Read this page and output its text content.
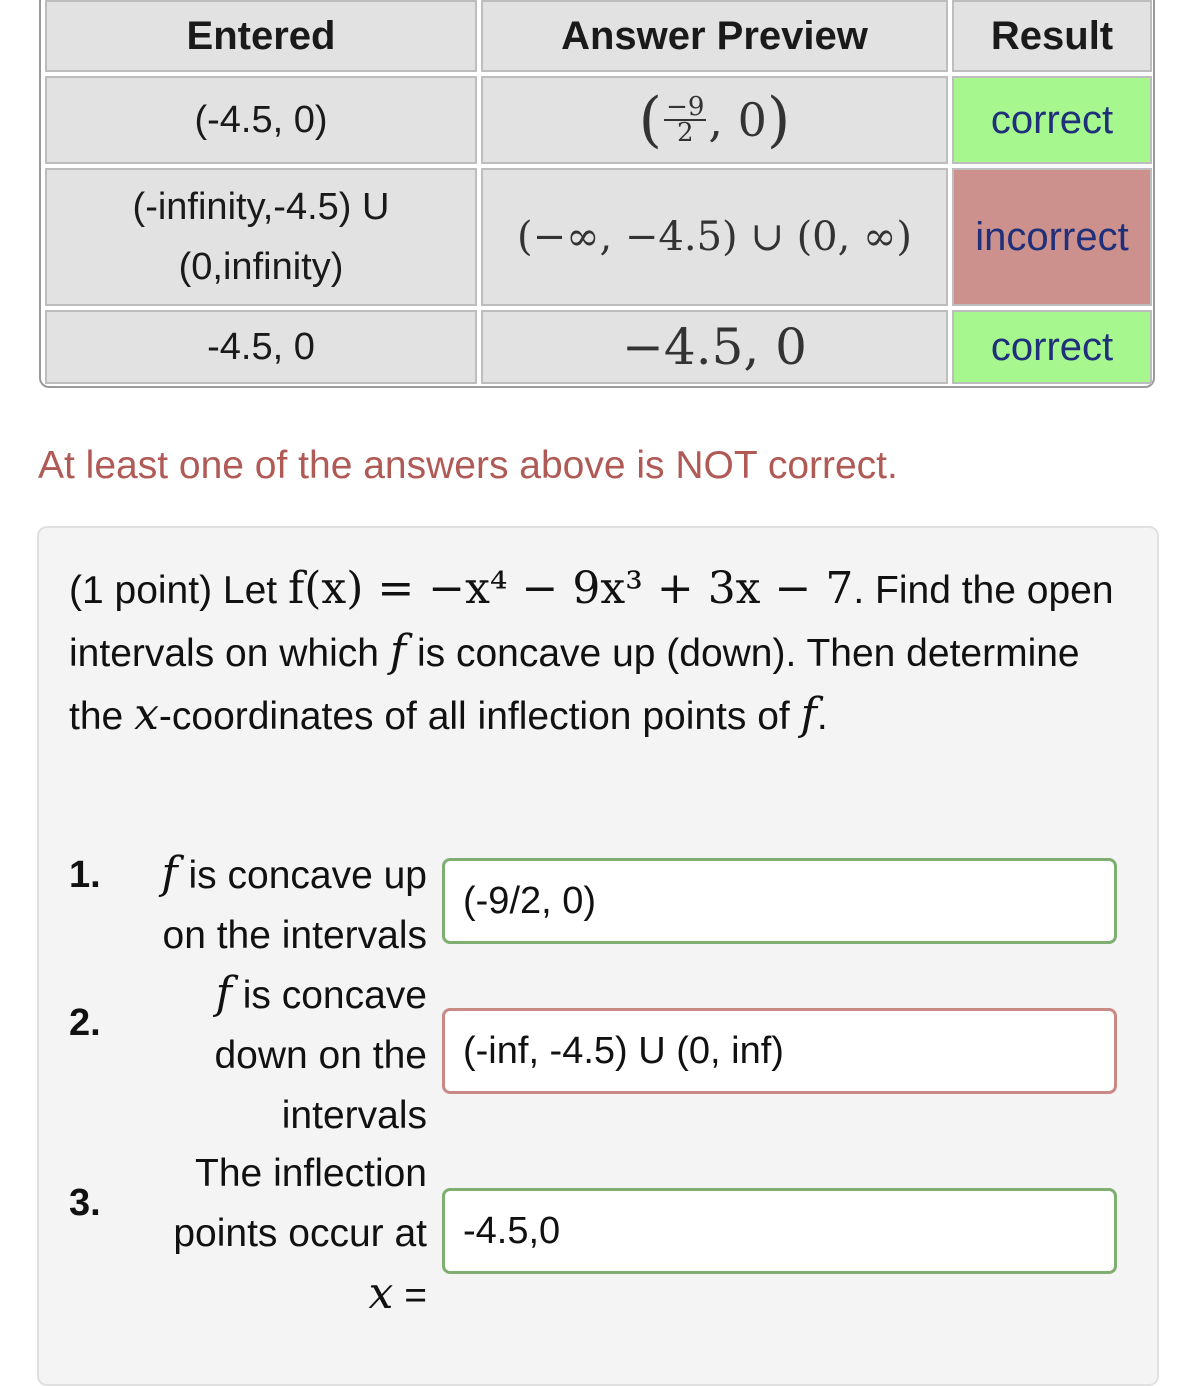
Entered	Answer Preview	Result
(-4.5, 0)	( $\frac{-9}{2}$ , 0 )	correct
(-infinity,-4.5) U
(0,infinity)
(−∞, −4.5) ∪ (0, ∞)	incorrect
-4.5, 0	−4.5, 0	correct
At least one of the answers above is NOT correct.
(1 point) Let f(x) = −x⁴ − 9x³ + 3x − 7. Find the open intervals on which f is concave up (down). Then determine the x-coordinates of all inflection points of f.
1. f is concave up
on the intervals
(-9/2, 0)
2.
f is concave
down on the
intervals
(-inf, -4.5) U (0, inf)
3.
The inflection
points occur at
x =
-4.5,0
